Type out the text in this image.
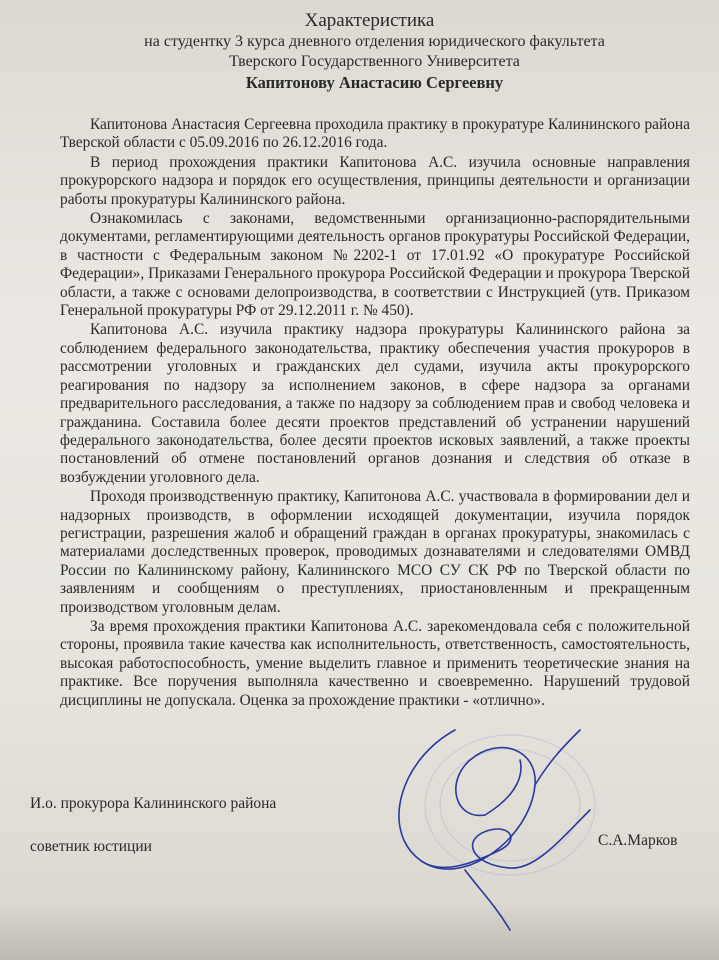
Характеристика
на студентку 3 курса дневного отделения юридического факультета
Тверского Государственного Университета
Капитонову Анастасию Сергеевну

Капитонова Анастасия Сергеевна проходила практику в прокуратуре Калининского района Тверской области с 05.09.2016 по 26.12.2016 года.

В период прохождения практики Капитонова А.С. изучила основные направления прокурорского надзора и порядок его осуществления, принципы деятельности и организации работы прокуратуры Калининского района.

Ознакомилась с законами, ведомственными организационно-распорядительными документами, регламентирующими деятельность органов прокуратуры Российской Федерации, в частности с Федеральным законом №2202-1 от 17.01.92 «О прокуратуре Российской Федерации», Приказами Генерального прокурора Российской Федерации и прокурора Тверской области, а также с основами делопроизводства, в соответствии с Инструкцией (утв. Приказом Генеральной прокуратуры РФ от 29.12.2011 г. № 450).

Капитонова А.С. изучила практику надзора прокуратуры Калининского района за соблюдением федерального законодательства, практику обеспечения участия прокуроров в рассмотрении уголовных и гражданских дел судами, изучила акты прокурорского реагирования по надзору за исполнением законов, в сфере надзора за органами предварительного расследования, а также по надзору за соблюдением прав и свобод человека и гражданина. Составила более десяти проектов представлений об устранении нарушений федерального законодательства, более десяти проектов исковых заявлений, а также проекты постановлений об отмене постановлений органов дознания и следствия об отказе в возбуждении уголовного дела.

Проходя производственную практику, Капитонова А.С. участвовала в формировании дел и надзорных производств, в оформлении исходящей документации, изучила порядок регистрации, разрешения жалоб и обращений граждан в органах прокуратуры, знакомилась с материалами доследственных проверок, проводимых дознавателями и следователями ОМВД России по Калининскому району, Калининского МСО СУ СК РФ по Тверской области по заявлениям и сообщениям о преступлениях, приостановленным и прекращенным производством уголовным делам.

За время прохождения практики Капитонова А.С. зарекомендовала себя с положительной стороны, проявила такие качества как исполнительность, ответственность, самостоятельность, высокая работоспособность, умение выделить главное и применить теоретические знания на практике. Все поручения выполняла качественно и своевременно. Нарушений трудовой дисциплины не допускала. Оценка за прохождение практики - «отлично».

И.о. прокурора Калининского района
советник юстиции	С.А.Марков
